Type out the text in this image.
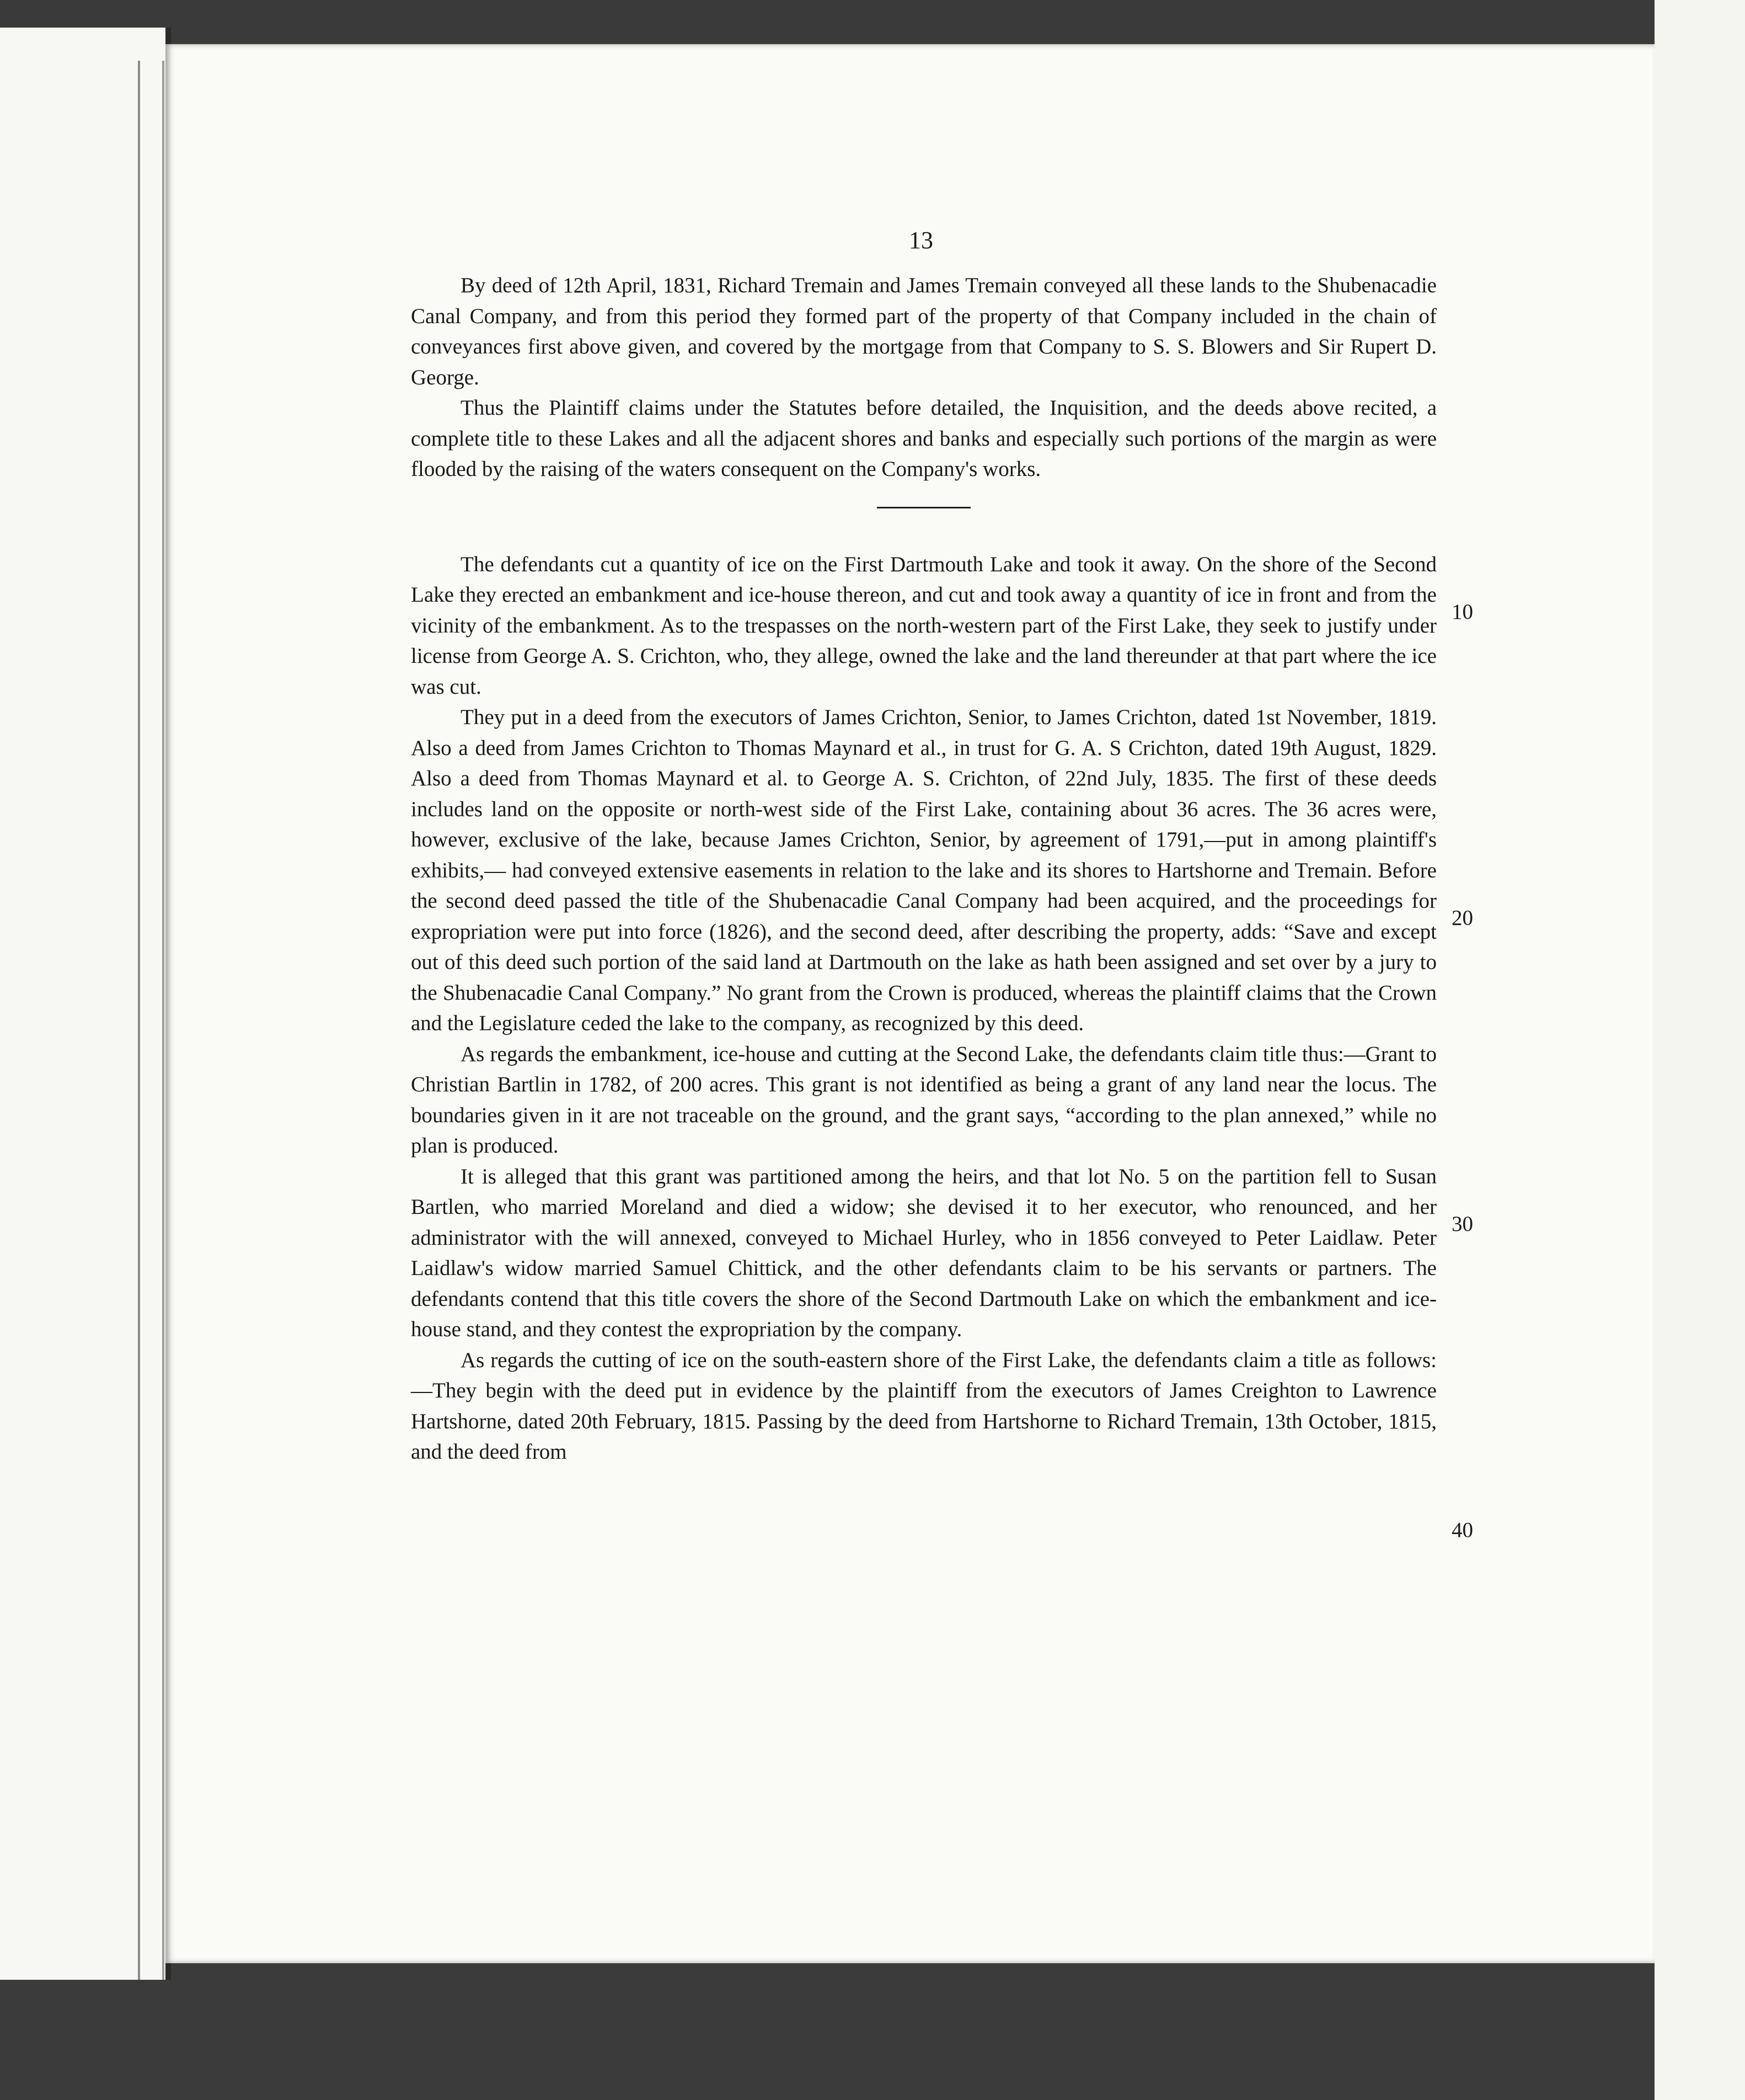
13

By deed of 12th April, 1831, Richard Tremain and James Tremain conveyed all these lands to the Shubenacadie Canal Company, and from this period they formed part of the property of that Company included in the chain of conveyances first above given, and covered by the mortgage from that Company to S. S. Blowers and Sir Rupert D. George.

Thus the Plaintiff claims under the Statutes before detailed, the Inquisition, and the deeds above recited, a complete title to these Lakes and all the adjacent shores and banks and especially such portions of the margin as were flooded by the raising of the waters consequent on the Company's works.

The defendants cut a quantity of ice on the First Dartmouth Lake and took it away. On the shore of the Second Lake they erected an embankment and ice-house thereon, and cut and took away a quantity of ice in front and from the vicinity of the embankment. As to the trespasses on the north-western part of the First Lake, they seek to justify under license from George A. S. Crichton, who, they allege, owned the lake and the land thereunder at that part where the ice was cut.

They put in a deed from the executors of James Crichton, Senior, to James Crichton, dated 1st November, 1819. Also a deed from James Crichton to Thomas Maynard et al., in trust for G. A. S Crichton, dated 19th August, 1829. Also a deed from Thomas Maynard et al. to George A. S. Crichton, of 22nd July, 1835. The first of these deeds includes land on the opposite or north-west side of the First Lake, containing about 36 acres. The 36 acres were, however, exclusive of the lake, because James Crichton, Senior, by agreement of 1791,—put in among plaintiff's exhibits,— had conveyed extensive easements in relation to the lake and its shores to Hartshorne and Tremain. Before the second deed passed the title of the Shubenacadie Canal Company had been acquired, and the proceedings for expropriation were put into force (1826), and the second deed, after describing the property, adds: “Save and except out of this deed such portion of the said land at Dartmouth on the lake as hath been assigned and set over by a jury to the Shubenacadie Canal Company.” No grant from the Crown is produced, whereas the plaintiff claims that the Crown and the Legislature ceded the lake to the company, as recognized by this deed.

As regards the embankment, ice-house and cutting at the Second Lake, the defendants claim title thus:—Grant to Christian Bartlin in 1782, of 200 acres. This grant is not identified as being a grant of any land near the locus. The boundaries given in it are not traceable on the ground, and the grant says, “according to the plan annexed,” while no plan is produced.

It is alleged that this grant was partitioned among the heirs, and that lot No. 5 on the partition fell to Susan Bartlen, who married Moreland and died a widow; she devised it to her executor, who renounced, and her administrator with the will annexed, conveyed to Michael Hurley, who in 1856 conveyed to Peter Laidlaw. Peter Laidlaw's widow married Samuel Chittick, and the other defendants claim to be his servants or partners. The defendants contend that this title covers the shore of the Second Dartmouth Lake on which the embankment and ice-house stand, and they contest the expropriation by the company.

As regards the cutting of ice on the south-eastern shore of the First Lake, the defendants claim a title as follows:—They begin with the deed put in evidence by the plaintiff from the executors of James Creighton to Lawrence Hartshorne, dated 20th February, 1815. Passing by the deed from Hartshorne to Richard Tremain, 13th October, 1815, and the deed from

10
20
30
40
